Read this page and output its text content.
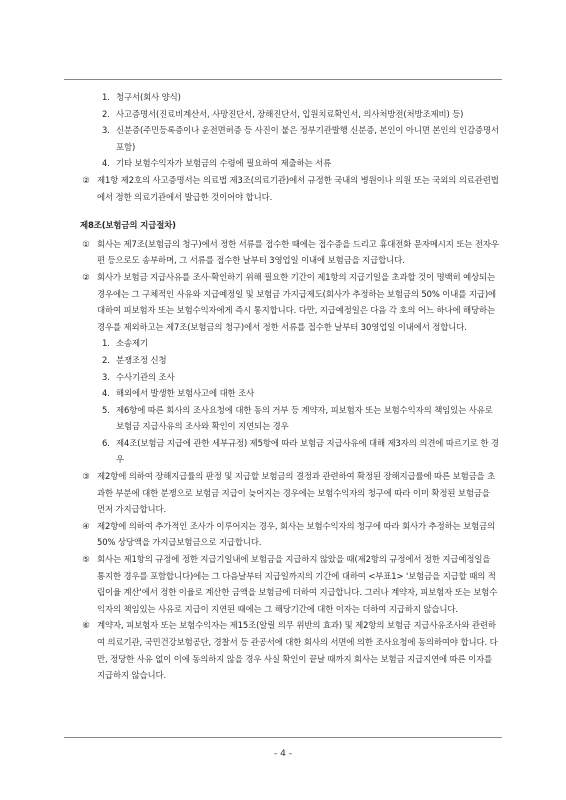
1. 청구서(회사 양식)
2. 사고증명서(진료비계산서, 사망진단서, 장해진단서, 입원치료확인서, 의사처방전(처방조제비) 등)
3. 신분증(주민등록증이나 운전면허증 등 사진이 붙은 정부기관발행 신분증, 본인이 아니면 본인의 인감증명서 포함)
4. 기타 보험수익자가 보험금의 수령에 필요하여 제출하는 서류
② 제1항 제2호의 사고증명서는 의료법 제3조(의료기관)에서 규정한 국내의 병원이나 의원 또는 국외의 의료관련법에서 정한 의료기관에서 발급한 것이어야 합니다.
제8조(보험금의 지급절차)
① 회사는 제7조(보험금의 청구)에서 정한 서류를 접수한 때에는 접수증을 드리고 휴대전화 문자메시지 또는 전자우편 등으로도 송부하며, 그 서류를 접수한 날부터 3영업일 이내에 보험금을 지급합니다.
② 회사가 보험금 지급사유를 조사·확인하기 위해 필요한 기간이 제1항의 지급기일을 초과할 것이 명백히 예상되는 경우에는 그 구체적인 사유와 지급예정일 및 보험금 가지급제도(회사가 추정하는 보험금의 50% 이내를 지급)에 대하여 피보험자 또는 보험수익자에게 즉시 통지합니다. 다만, 지급예정일은 다음 각 호의 어느 하나에 해당하는 경우를 제외하고는 제7조(보험금의 청구)에서 정한 서류를 접수한 날부터 30영업일 이내에서 정합니다.
1. 소송제기
2. 분쟁조정 신청
3. 수사기관의 조사
4. 해외에서 발생한 보험사고에 대한 조사
5. 제6항에 따른 회사의 조사요청에 대한 동의 거부 등 계약자, 피보험자 또는 보험수익자의 책임있는 사유로 보험금 지급사유의 조사와 확인이 지연되는 경우
6. 제4조(보험금 지급에 관한 세부규정) 제5항에 따라 보험금 지급사유에 대해 제3자의 의견에 따르기로 한 경우
③ 제2항에 의하여 장해지급률의 판정 및 지급할 보험금의 결정과 관련하여 확정된 장해지급률에 따른 보험금을 초과한 부분에 대한 분쟁으로 보험금 지급이 늦어지는 경우에는 보험수익자의 청구에 따라 이미 확정된 보험금을 먼저 가지급합니다.
④ 제2항에 의하여 추가적인 조사가 이루어지는 경우, 회사는 보험수익자의 청구에 따라 회사가 추정하는 보험금의 50% 상당액을 가지급보험금으로 지급합니다.
⑤ 회사는 제1항의 규정에 정한 지급기일내에 보험금을 지급하지 않았을 때(제2항의 규정에서 정한 지급예정일을 통지한 경우를 포함합니다)에는 그 다음날부터 지급일까지의 기간에 대하여 <부표1> '보험금을 지급할 때의 적립이율 계산'에서 정한 이율로 계산한 금액을 보험금에 더하여 지급합니다. 그러나 계약자, 피보험자 또는 보험수익자의 책임있는 사유로 지급이 지연된 때에는 그 해당기간에 대한 이자는 더하여 지급하지 않습니다.
⑥ 계약자, 피보험자 또는 보험수익자는 제15조(알릴 의무 위반의 효과) 및 제2항의 보험금 지급사유조사와 관련하여 의료기관, 국민건강보험공단, 경찰서 등 관공서에 대한 회사의 서면에 의한 조사요청에 동의하여야 합니다. 다만, 정당한 사유 없이 이에 동의하지 않을 경우 사실 확인이 끝날 때까지 회사는 보험금 지급지연에 따른 이자를 지급하지 않습니다.
- 4 -
